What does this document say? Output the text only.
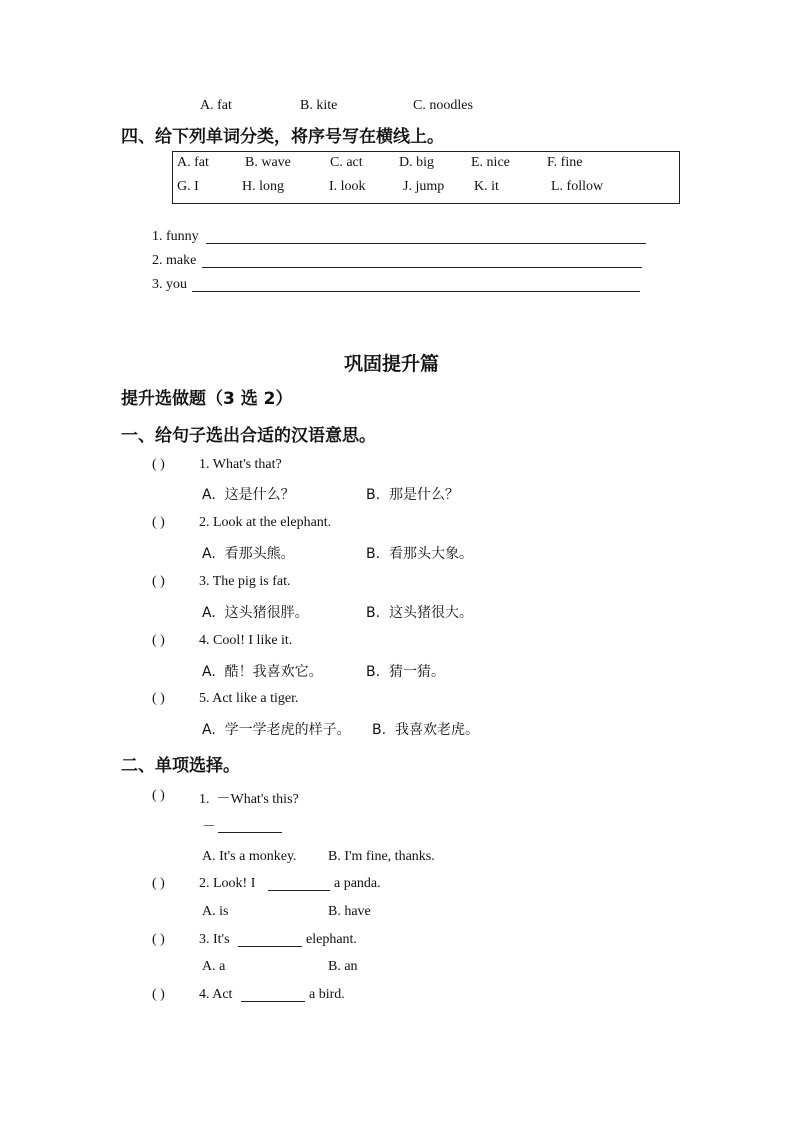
A. fat	B. kite	C. noodles
四、给下列单词分类，将序号写在横线上。
A. fat	B. wave	C. act	D. big	E. nice	F. fine
G. I	H. long	I. look	J. jump K. it	L. follow
1. funny
2. make
3. you
巩固提升篇
提升选做题（3 选 2）
一、给句子选出合适的汉语意思。
( ) 1. What's that?
A.  这是什么？	B.  那是什么？
( ) 2. Look at the elephant.
A.  看那头熊。	B.  看那头大象。
( ) 3. The pig is fat.
A.  这头猪很胖。	B.  这头猪很大。
( ) 4. Cool! I like it.
A.  酷！我喜欢它。	B.  猜一猜。
( ) 5. Act like a tiger.
A.  学一学老虎的样子。 B.  我喜欢老虎。
二、单项选择。
( ) 1.  －What's this?
－
A. It's a monkey. B. I'm fine, thanks.
( ) 2. Look! I	a panda.
A. is	B. have
( ) 3. It's	elephant.
A. a	B. an
( ) 4. Act	a bird.
